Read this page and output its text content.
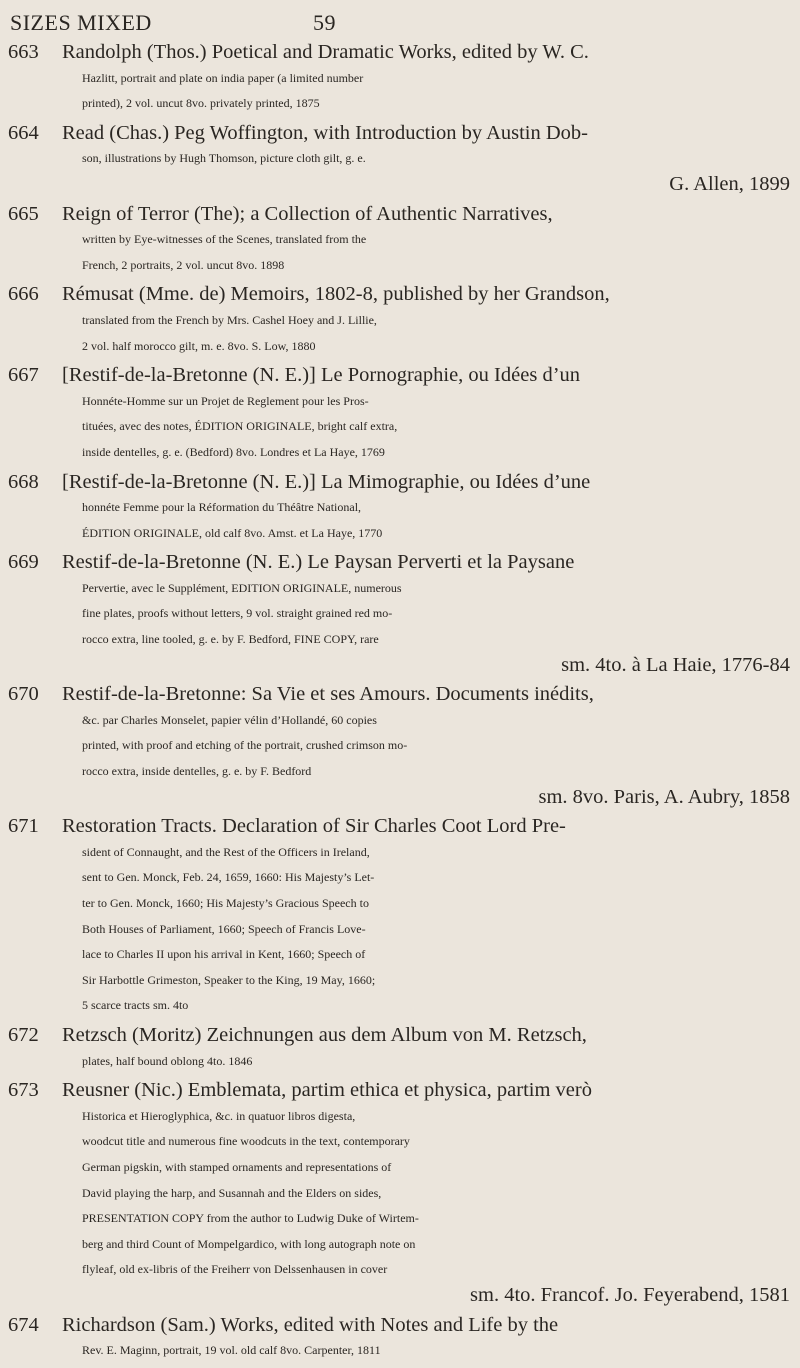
SIZES MIXED	59
663 Randolph (Thos.) Poetical and Dramatic Works, edited by W. C.
Hazlitt, portrait and plate on india paper (a limited number
printed), 2 vol. uncut 8vo. privately printed, 1875
664 Read (Chas.) Peg Woffington, with Introduction by Austin Dob-
son, illustrations by Hugh Thomson, picture cloth gilt, g. e.
G. Allen, 1899
665 Reign of Terror (The); a Collection of Authentic Narratives,
written by Eye-witnesses of the Scenes, translated from the
French, 2 portraits, 2 vol. uncut 8vo. 1898
666 Rémusat (Mme. de) Memoirs, 1802-8, published by her Grandson,
translated from the French by Mrs. Cashel Hoey and J. Lillie,
2 vol. half morocco gilt, m. e. 8vo. S. Low, 1880
667 [Restif-de-la-Bretonne (N. E.)] Le Pornographie, ou Idées d’un
Honnéte-Homme sur un Projet de Reglement pour les Pros-
tituées, avec des notes, ÉDITION ORIGINALE, bright calf extra,
inside dentelles, g. e. (Bedford) 8vo. Londres et La Haye, 1769
668 [Restif-de-la-Bretonne (N. E.)] La Mimographie, ou Idées d’une
honnéte Femme pour la Réformation du Théâtre National,
ÉDITION ORIGINALE, old calf 8vo. Amst. et La Haye, 1770
669 Restif-de-la-Bretonne (N. E.) Le Paysan Perverti et la Paysane
Pervertie, avec le Supplément, EDITION ORIGINALE, numerous
fine plates, proofs without letters, 9 vol. straight grained red mo-
rocco extra, line tooled, g. e. by F. Bedford, FINE COPY, rare
sm. 4to. à La Haie, 1776-84
670 Restif-de-la-Bretonne: Sa Vie et ses Amours. Documents inédits,
&c. par Charles Monselet, papier vélin d’Hollandé, 60 copies
printed, with proof and etching of the portrait, crushed crimson mo-
rocco extra, inside dentelles, g. e. by F. Bedford
sm. 8vo. Paris, A. Aubry, 1858
671 Restoration Tracts. Declaration of Sir Charles Coot Lord Pre-
sident of Connaught, and the Rest of the Officers in Ireland,
sent to Gen. Monck, Feb. 24, 1659, 1660: His Majesty’s Let-
ter to Gen. Monck, 1660; His Majesty’s Gracious Speech to
Both Houses of Parliament, 1660; Speech of Francis Love-
lace to Charles II upon his arrival in Kent, 1660; Speech of
Sir Harbottle Grimeston, Speaker to the King, 19 May, 1660;
5 scarce tracts sm. 4to
672 Retzsch (Moritz) Zeichnungen aus dem Album von M. Retzsch,
plates, half bound oblong 4to. 1846
673 Reusner (Nic.) Emblemata, partim ethica et physica, partim verò
Historica et Hieroglyphica, &c. in quatuor libros digesta,
woodcut title and numerous fine woodcuts in the text, contemporary
German pigskin, with stamped ornaments and representations of
David playing the harp, and Susannah and the Elders on sides,
PRESENTATION COPY from the author to Ludwig Duke of Wirtem-
berg and third Count of Mompelgardico, with long autograph note on
flyleaf, old ex-libris of the Freiherr von Delssenhausen in cover
sm. 4to. Francof. Jo. Feyerabend, 1581
674 Richardson (Sam.) Works, edited with Notes and Life by the
Rev. E. Maginn, portrait, 19 vol. old calf 8vo. Carpenter, 1811
